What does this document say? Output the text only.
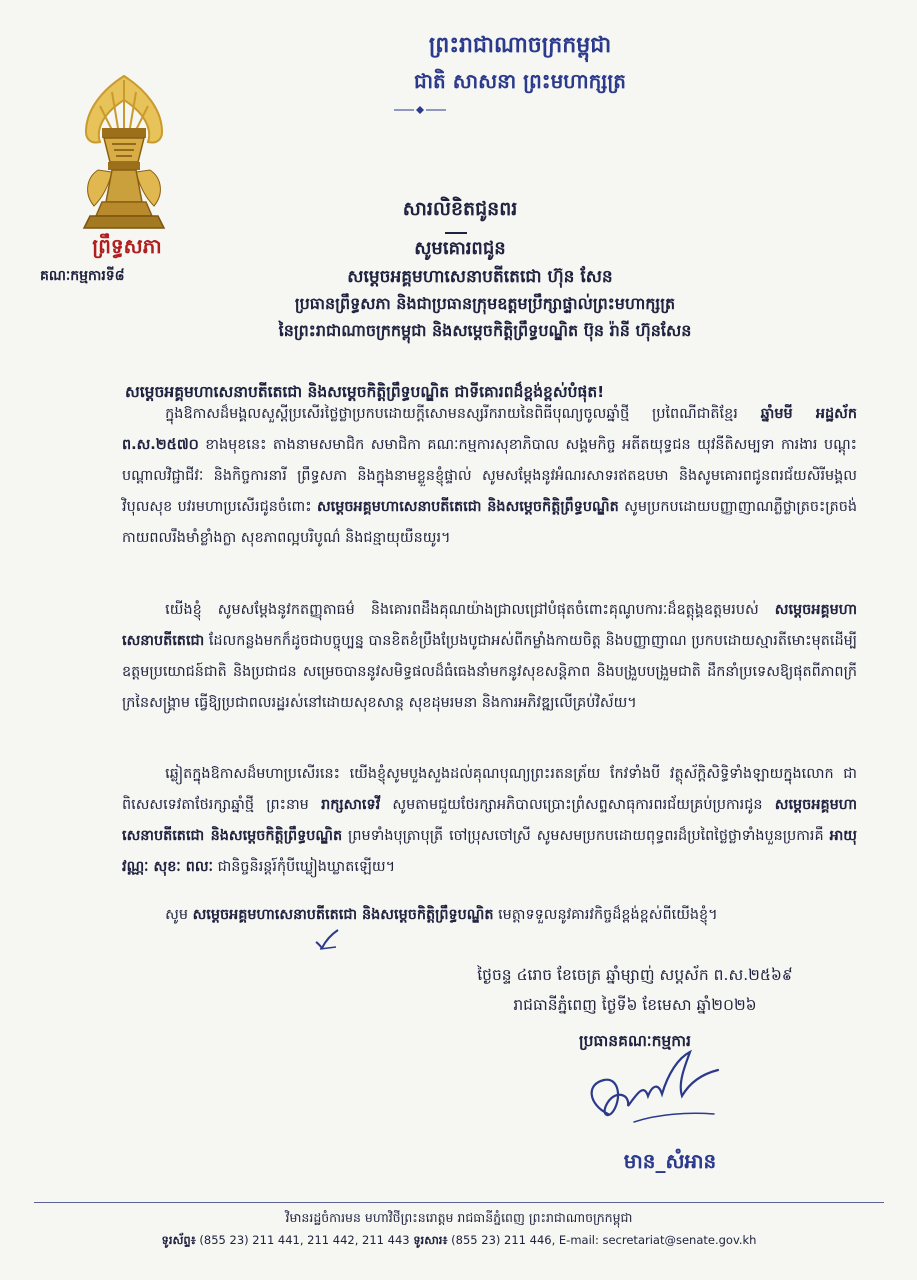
ព្រះរាជាណាចក្រកម្ពុជា
ជាតិ សាសនា ព្រះមហាក្សត្រ
ព្រឹទ្ធសភា
គណៈកម្មការទី៨
សារលិខិតជូនពរ
សូមគោរពជូន
សម្តេចអគ្គមហាសេនាបតីតេជោ ហ៊ុន សែន
ប្រធានព្រឹទ្ធសភា និងជាប្រធានក្រុមឧត្តមប្រឹក្សាផ្ទាល់ព្រះមហាក្សត្រ
នៃព្រះរាជាណាចក្រកម្ពុជា និងសម្តេចកិត្តិព្រឹទ្ធបណ្ឌិត ប៊ុន រ៉ានី ហ៊ុនសែន
សម្តេចអគ្គមហាសេនាបតីតេជោ និងសម្តេចកិត្តិព្រឹទ្ធបណ្ឌិត ជាទីគោរពដ៏ខ្ពង់ខ្ពស់បំផុត!
   ក្នុងឱកាសដ៏មង្គលសួស្តីប្រសើរថ្លៃថ្លាប្រកបដោយក្តីសោមនស្សរីករាយនៃពិធីបុណ្យចូលឆ្នាំថ្មី ប្រពៃណីជាតិខ្មែរ ឆ្នាំមមី អដ្ឋស័ក ព.ស.២៥៧០ ខាងមុខនេះ តាងនាមសមាជិក សមាជិកា គណៈកម្មការសុខាភិបាល សង្គមកិច្ច អតីតយុទ្ធជន យុវនីតិសម្បទា ការងារ បណ្តុះបណ្តាលវិជ្ជាជីវៈ និងកិច្ចការនារី ព្រឹទ្ធសភា និងក្នុងនាមខ្លួនខ្ញុំផ្ទាល់ សូមសម្តែងនូវអំណរសាទរឥតឧបមា និងសូមគោរពជូនពរជ័យសិរីមង្គល វិបុលសុខ បវរមហាប្រសើរជូនចំពោះ សម្តេចអគ្គមហាសេនាបតីតេជោ និងសម្តេចកិត្តិព្រឹទ្ធបណ្ឌិត សូមប្រកបដោយបញ្ញាញាណភ្លឺថ្លាត្រចះត្រចង់ កាយពលរឹងមាំខ្លាំងក្លា សុខភាពល្អបរិបូណ៌ និងជន្មាយុយឺនយូរ។
   យើងខ្ញុំ សូមសម្តែងនូវកតញ្ញុតាធម៌ និងគោរពដឹងគុណយ៉ាងជ្រាលជ្រៅបំផុតចំពោះគុណូបការៈដ៏ឧត្តុង្គឧត្តមរបស់ សម្តេចអគ្គមហាសេនាបតីតេជោ ដែលកន្លងមកក៏ដូចជាបច្ចុប្បន្ន បានខិតខំប្រឹងប្រែងបូជាអស់ពីកម្លាំងកាយចិត្ត និងបញ្ញាញាណ ប្រកបដោយស្មារតីមោះមុតដើម្បីឧត្តមប្រយោជន៍ជាតិ និងប្រជាជន សម្រេចបាននូវសមិទ្ធផលដ៏ធំធេងនាំមកនូវសុខសន្តិភាព និងបង្រួបបង្រួមជាតិ ដឹកនាំប្រទេសឱ្យផុតពីភាពក្រីក្រនៃសង្គ្រាម ធ្វើឱ្យប្រជាពលរដ្ឋរស់នៅដោយសុខសាន្ត សុខដុមរមនា និងការអភិវឌ្ឍលើគ្រប់វិស័យ។
   ឆ្លៀតក្នុងឱកាសដ៏មហាប្រសើរនេះ យើងខ្ញុំសូមបួងសួងដល់គុណបុណ្យព្រះរតនត្រ័យ កែវទាំងបី វត្ថុស័ក្តិសិទ្ធិទាំងឡាយក្នុងលោក ជាពិសេសទេវតាថែរក្សាឆ្នាំថ្មី ព្រះនាម រាក្សសាទេវី សូមតាមជួយថែរក្សាអភិបាលប្រោះព្រំសព្ទសាធុការពរជ័យគ្រប់ប្រការជូន សម្តេចអគ្គមហាសេនាបតីតេជោ និងសម្តេចកិត្តិព្រឹទ្ធបណ្ឌិត ព្រមទាំងបុត្រាបុត្រី ចៅប្រុសចៅស្រី សូមសមប្រកបដោយពុទ្ធពរដ៏ប្រពៃថ្លៃថ្លាទាំងបួនប្រការគឺ អាយុ វណ្ណៈ សុខៈ ពលៈ ជានិច្ចនិរន្តរ៍កុំបីឃ្លៀងឃ្លាតឡើយ។
   សូម សម្តេចអគ្គមហាសេនាបតីតេជោ និងសម្តេចកិត្តិព្រឹទ្ធបណ្ឌិត មេត្តាទទួលនូវគារវកិច្ចដ៏ខ្ពង់ខ្ពស់ពីយើងខ្ញុំ។
ថ្ងៃចន្ទ ៤រោច ខែចេត្រ ឆ្នាំម្សាញ់ សប្តស័ក ព.ស.២៥៦៩
រាជធានីភ្នំពេញ ថ្ងៃទី៦ ខែមេសា ឆ្នាំ២០២៦
ប្រធានគណៈកម្មការ
មាន_សំអាន
វិមានរដ្ឋចំការមន មហាវិថីព្រះនរោត្តម រាជធានីភ្នំពេញ ព្រះរាជាណាចក្រកម្ពុជា
ទូរស័ព្ទ៖ (855 23) 211 441, 211 442, 211 443 ទូរសារ៖ (855 23) 211 446, E-mail: secretariat@senate.gov.kh
